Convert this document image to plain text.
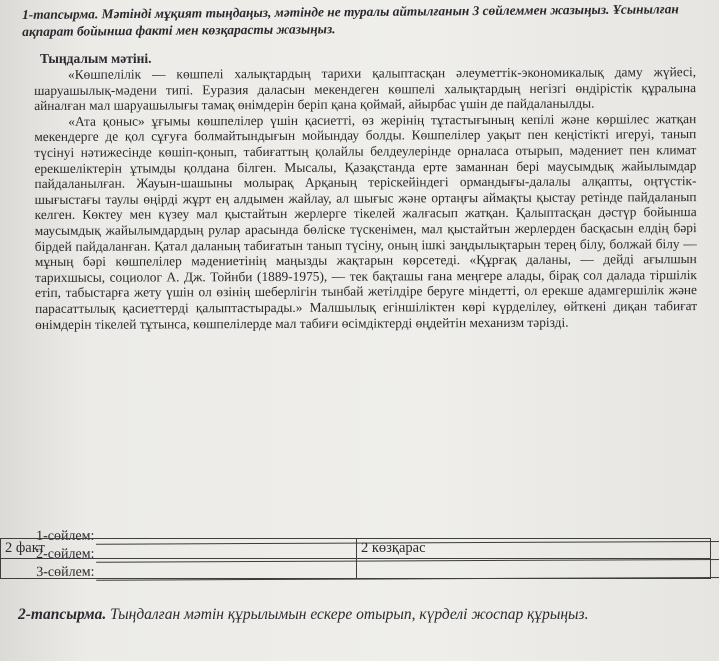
1-тапсырма. Мәтінді мұқият тыңдаңыз, мәтінде не туралы айтылғанын 3 сөйлеммен жазыңыз. Ұсынылған ақпарат бойынша факті мен көзқарасты жазыңыз.
Тыңдалым мәтіні.

«Көшпелілік — көшпелі халықтардың тарихи қалыптасқан әлеуметтік-экономикалық даму жүйесі, шаруашылық-мәдени типі. Еуразия даласын мекендеген көшпелі халықтардың негізгі өндірістік құралына айналған мал шаруашылығы тамақ өнімдерін беріп қана қоймай, айырбас үшін де пайдаланылды.

«Ата қоныс» ұғымы көшпелілер үшін қасиетті, өз жерінің тұтастығының кепілі және көршілес жатқан мекендерге де қол сұғуға болмайтындығын мойындау болды. Көшпелілер уақыт пен кеңістікті игеруі, танып түсінуі нәтижесінде көшіп-қонып, табиғаттың қолайлы белдеулерінде орналаса отырып, мәдениет пен климат ерекшеліктерін ұтымды қолдана білген. Мысалы, Қазақстанда ерте заманнан бері маусымдық жайылымдар пайдаланылған. Жауын-шашыны молырақ Арқаның теріскейіндегі ормандығы-далалы алқапты, оңтүстік-шығыстағы таулы өңірді жұрт ең алдымен жайлау, ал шығыс және ортаңғы аймақты қыстау ретінде пайдаланып келген. Көктеу мен күзеу мал қыстайтын жерлерге тікелей жалғасып жатқан. Қалыптасқан дәстүр бойынша маусымдық жайылымдардың рулар арасында бөліске түскенімен, мал қыстайтын жерлерден басқасын елдің бәрі бірдей пайдаланған. Қатал даланың табиғатын танып түсіну, оның ішкі заңдылықтарын терең білу, болжай білу — мұның бәрі көшпелілер мәдениетінің маңызды жақтарын көрсетеді. «Құрғақ даланы, — дейді ағылшын тарихшысы, социолог А. Дж. Тойнби (1889-1975), — тек бақташы ғана меңгере алады, бірақ сол далада тіршілік етіп, табыстарға жету үшін ол өзінің шеберлігін тынбай жетілдіре беруге міндетті, ол ерекше адамгершілік және парасаттылық қасиеттерді қалыптастырады.» Малшылық егіншіліктен көрі күрделілеу, өйткені диқан табиғат өнімдерін тікелей тұтынса, көшпелілерде мал табиғи өсімдіктерді өңдейтін механизм тәрізді.

1-сөйлем:
2-сөйлем:
3-сөйлем:
2 факт	2 көзқарас

2-тапсырма. Тыңдалған мәтін құрылымын ескере отырып, күрделі жоспар құрыңыз.
